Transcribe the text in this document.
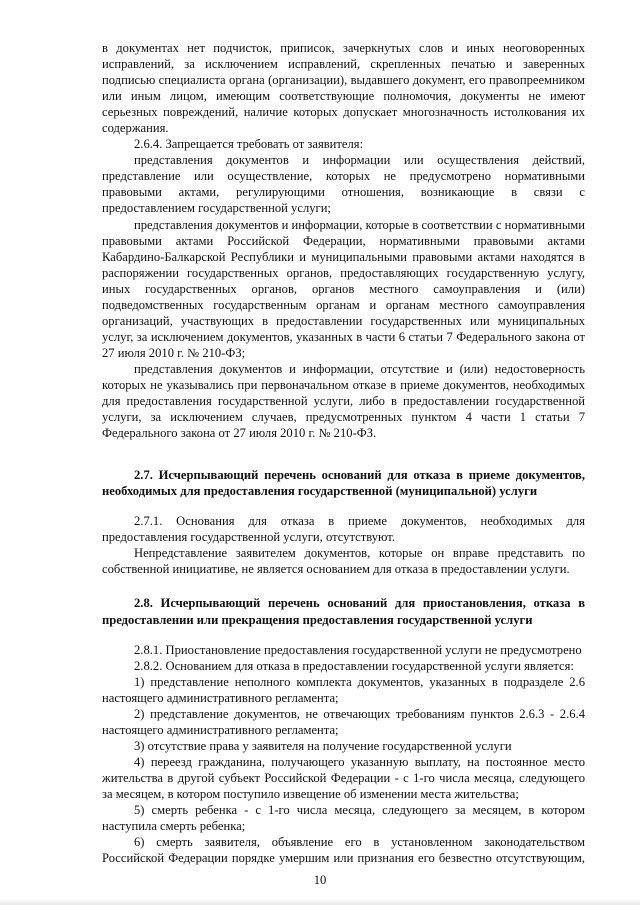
в документах нет подчисток, приписок, зачеркнутых слов и иных неоговоренных исправлений, за исключением исправлений, скрепленных печатью и заверенных подписью специалиста органа (организации), выдавшего документ, его правопреемником или иным лицом, имеющим соответствующие полномочия, документы не имеют серьезных повреждений, наличие которых допускает многозначность истолкования их содержания.

2.6.4. Запрещается требовать от заявителя:

представления документов и информации или осуществления действий, представление или осуществление, которых не предусмотрено нормативными правовыми актами, регулирующими отношения, возникающие в связи с предоставлением государственной услуги;

представления документов и информации, которые в соответствии с нормативными правовыми актами Российской Федерации, нормативными правовыми актами Кабардино-Балкарской Республики и муниципальными правовыми актами находятся в распоряжении государственных органов, предоставляющих государственную услугу, иных государственных органов, органов местного самоуправления и (или) подведомственных государственным органам и органам местного самоуправления организаций, участвующих в предоставлении государственных или муниципальных услуг, за исключением документов, указанных в части 6 статьи 7 Федерального закона от 27 июля 2010 г. № 210-ФЗ;

представления документов и информации, отсутствие и (или) недостоверность которых не указывались при первоначальном отказе в приеме документов, необходимых для предоставления государственной услуги, либо в предоставлении государственной услуги, за исключением случаев, предусмотренных пунктом 4 части 1 статьи 7 Федерального закона от 27 июля 2010 г. № 210-ФЗ.

2.7. Исчерпывающий перечень оснований для отказа в приеме документов, необходимых для предоставления государственной (муниципальной) услуги

2.7.1. Основания для отказа в приеме документов, необходимых для предоставления государственной услуги, отсутствуют.

Непредставление заявителем документов, которые он вправе представить по собственной инициативе, не является основанием для отказа в предоставлении услуги.

2.8. Исчерпывающий перечень оснований для приостановления, отказа в предоставлении или прекращения предоставления государственной услуги

2.8.1. Приостановление предоставления государственной услуги не предусмотрено

2.8.2. Основанием для отказа в предоставлении государственной услуги является:

1) представление неполного комплекта документов, указанных в подразделе 2.6 настоящего административного регламента;

2) представление документов, не отвечающих требованиям пунктов 2.6.3 - 2.6.4 настоящего административного регламента;

3) отсутствие права у заявителя на получение государственной услуги

4) переезд гражданина, получающего указанную выплату, на постоянное место жительства в другой субъект Российской Федерации - с 1-го числа месяца, следующего за месяцем, в котором поступило извещение об изменении места жительства;

5) смерть ребенка - с 1-го числа месяца, следующего за месяцем, в котором наступила смерть ребенка;

6) смерть заявителя, объявление его в установленном законодательством Российской Федерации порядке умершим или признания его безвестно отсутствующим,

10
